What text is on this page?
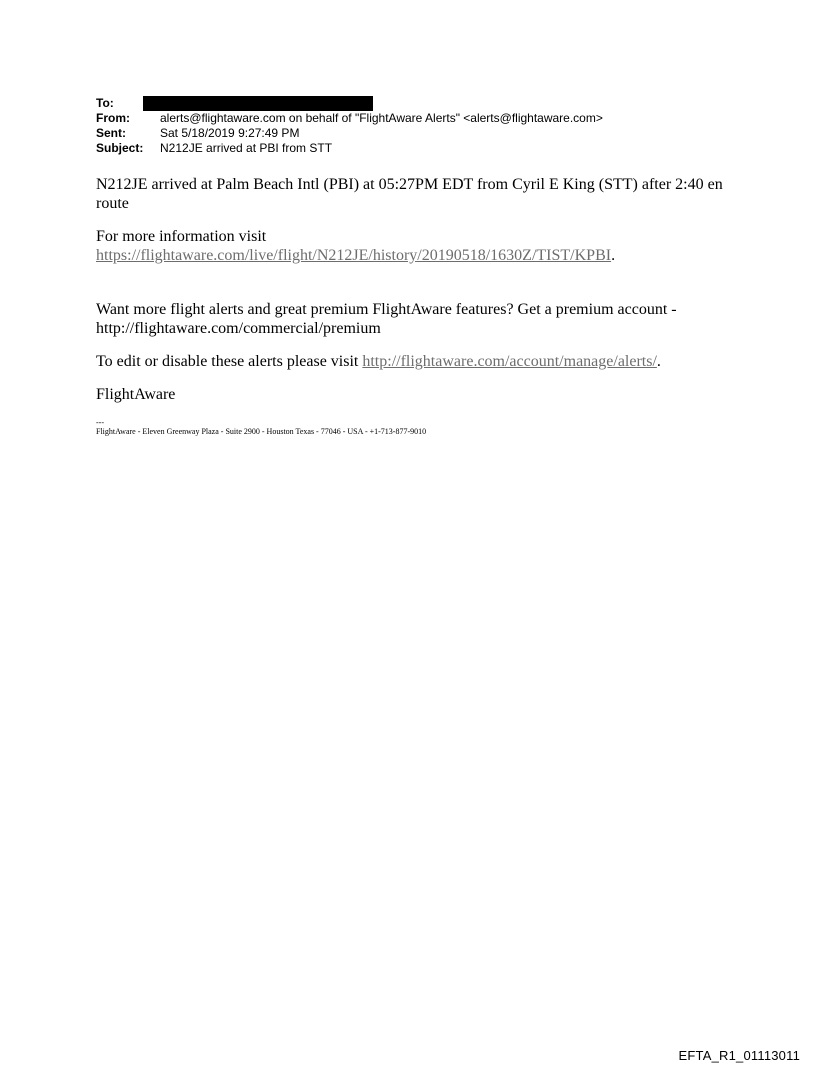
To:
From:	alerts@flightaware.com on behalf of "FlightAware Alerts" <alerts@flightaware.com>
Sent:	Sat 5/18/2019 9:27:49 PM
Subject:	N212JE arrived at PBI from STT

N212JE arrived at Palm Beach Intl (PBI) at 05:27PM EDT from Cyril E King (STT) after 2:40 en route

For more information visit
https://flightaware.com/live/flight/N212JE/history/20190518/1630Z/TIST/KPBI.

Want more flight alerts and great premium FlightAware features? Get a premium account - http://flightaware.com/commercial/premium

To edit or disable these alerts please visit http://flightaware.com/account/manage/alerts/.

FlightAware

---
FlightAware - Eleven Greenway Plaza - Suite 2900 - Houston Texas - 77046 - USA - +1-713-877-9010
EFTA_R1_01113011
